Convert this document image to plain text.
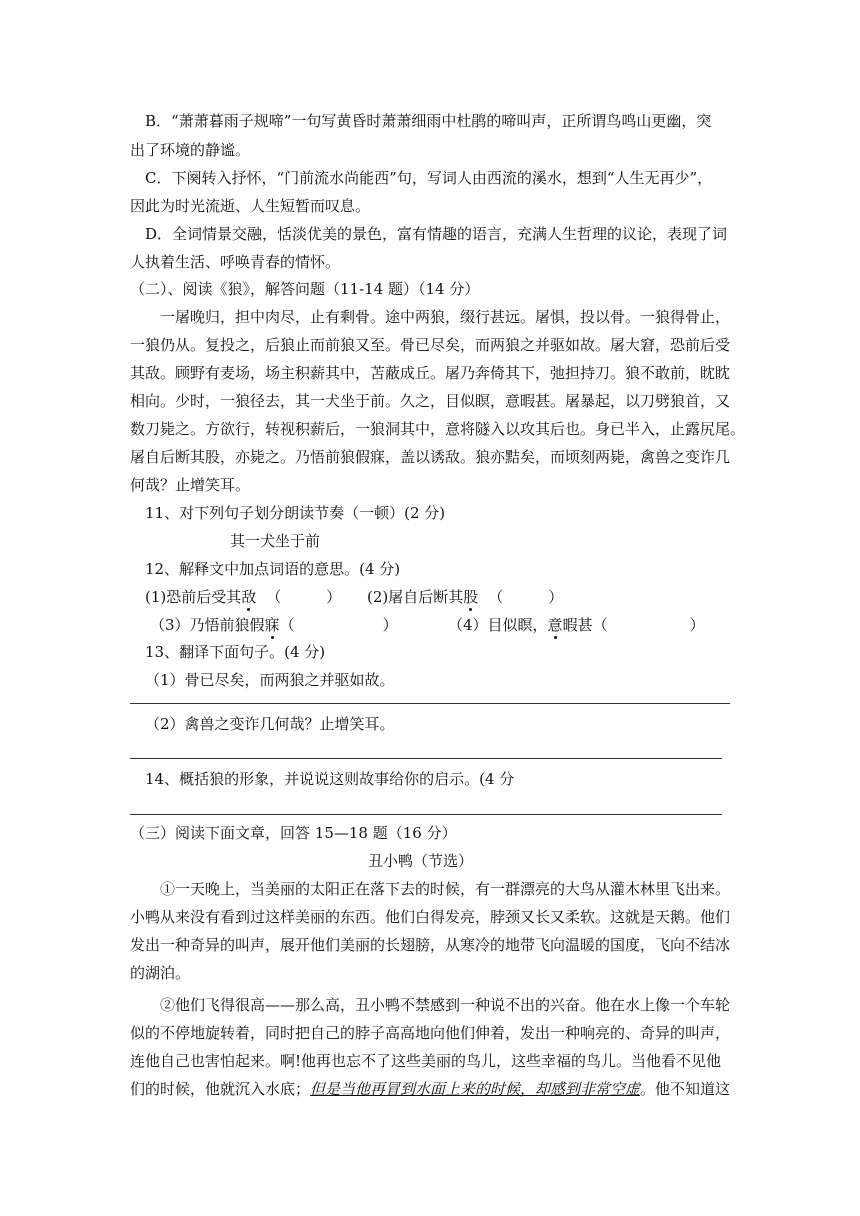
B．“萧萧暮雨子规啼”一句写黄昏时萧萧细雨中杜鹃的啼叫声，正所谓鸟鸣山更幽，突
出了环境的静谧。
C．下阕转入抒怀，“门前流水尚能西”句，写词人由西流的溪水，想到“人生无再少”，
因此为时光流逝、人生短暂而叹息。
D．全词情景交融，恬淡优美的景色，富有情趣的语言，充满人生哲理的议论，表现了词
人执着生活、呼唤青春的情怀。
（二）、阅读《狼》，解答问题（11-14 题）（14 分）
一屠晚归，担中肉尽，止有剩骨。途中两狼，缀行甚远。屠惧，投以骨。一狼得骨止，
一狼仍从。复投之，后狼止而前狼又至。骨已尽矣，而两狼之并驱如故。屠大窘，恐前后受
其敌。顾野有麦场，场主积薪其中，苫蔽成丘。屠乃奔倚其下，弛担持刀。狼不敢前，眈眈
相向。少时，一狼径去，其一犬坐于前。久之，目似瞑，意暇甚。屠暴起，以刀劈狼首，又
数刀毙之。方欲行，转视积薪后，一狼洞其中，意将隧入以攻其后也。身已半入，止露尻尾。
屠自后断其股，亦毙之。乃悟前狼假寐，盖以诱敌。狼亦黠矣，而顷刻两毙，禽兽之变诈几
何哉？止增笑耳。
11、对下列句子划分朗读节奏（一顿）(2 分)
其一犬坐于前
12、解释文中加点词语的意思。(4 分)
(1)恐前后受其敌 （　　　） (2)屠自后断其股 （　　　）
（3）乃悟前狼假寐（	）	（4）目似瞑，意暇甚（	）
13、翻译下面句子。(4 分)
（1）骨已尽矣，而两狼之并驱如故。
（2）禽兽之变诈几何哉？止增笑耳。
14、概括狼的形象，并说说这则故事给你的启示。(4 分
（三）阅读下面文章，回答 15—18 题（16 分）
丑小鸭（节选）
①一天晚上，当美丽的太阳正在落下去的时候，有一群漂亮的大鸟从灌木林里飞出来。
小鸭从来没有看到过这样美丽的东西。他们白得发亮，脖颈又长又柔软。这就是天鹅。他们
发出一种奇异的叫声，展开他们美丽的长翅膀，从寒冷的地带飞向温暖的国度，飞向不结冰
的湖泊。
②他们飞得很高——那么高，丑小鸭不禁感到一种说不出的兴奋。他在水上像一个车轮
似的不停地旋转着，同时把自己的脖子高高地向他们伸着，发出一种响亮的、奇异的叫声，
连他自己也害怕起来。啊!他再也忘不了这些美丽的鸟儿，这些幸福的鸟儿。当他看不见他
们的时候，他就沉入水底；但是当他再冒到水面上来的时候，却感到非常空虚。他不知道这
